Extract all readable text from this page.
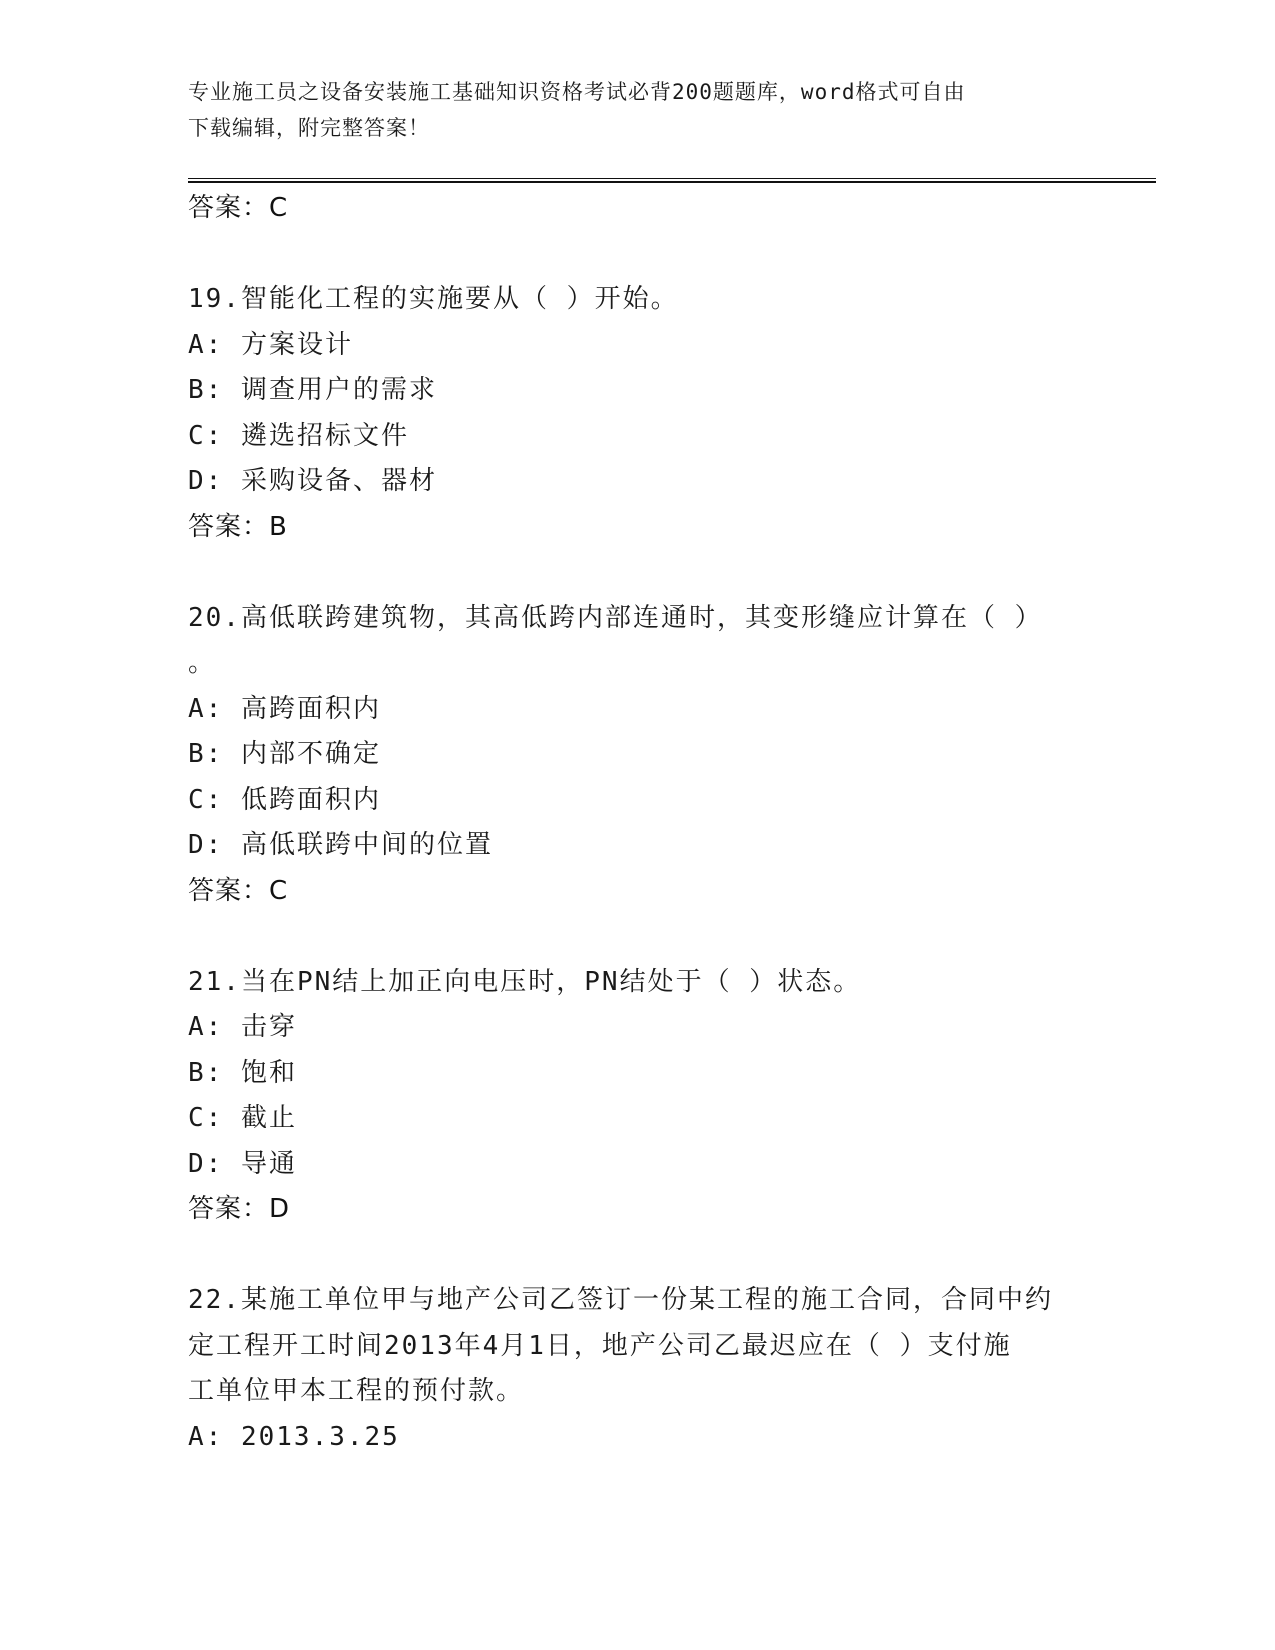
专业施工员之设备安装施工基础知识资格考试必背200题题库，word格式可自由
下载编辑，附完整答案！
答案：C
19.智能化工程的实施要从（ ）开始。
A: 方案设计
B: 调查用户的需求
C: 遴选招标文件
D: 采购设备、器材
答案：B
20.高低联跨建筑物，其高低跨内部连通时，其变形缝应计算在（ ）
。
A: 高跨面积内
B: 内部不确定
C: 低跨面积内
D: 高低联跨中间的位置
答案：C
21.当在PN结上加正向电压时，PN结处于（ ）状态。
A: 击穿
B: 饱和
C: 截止
D: 导通
答案：D
22.某施工单位甲与地产公司乙签订一份某工程的施工合同，合同中约
定工程开工时间2013年4月1日，地产公司乙最迟应在（ ）支付施
工单位甲本工程的预付款。
A: 2013.3.25
